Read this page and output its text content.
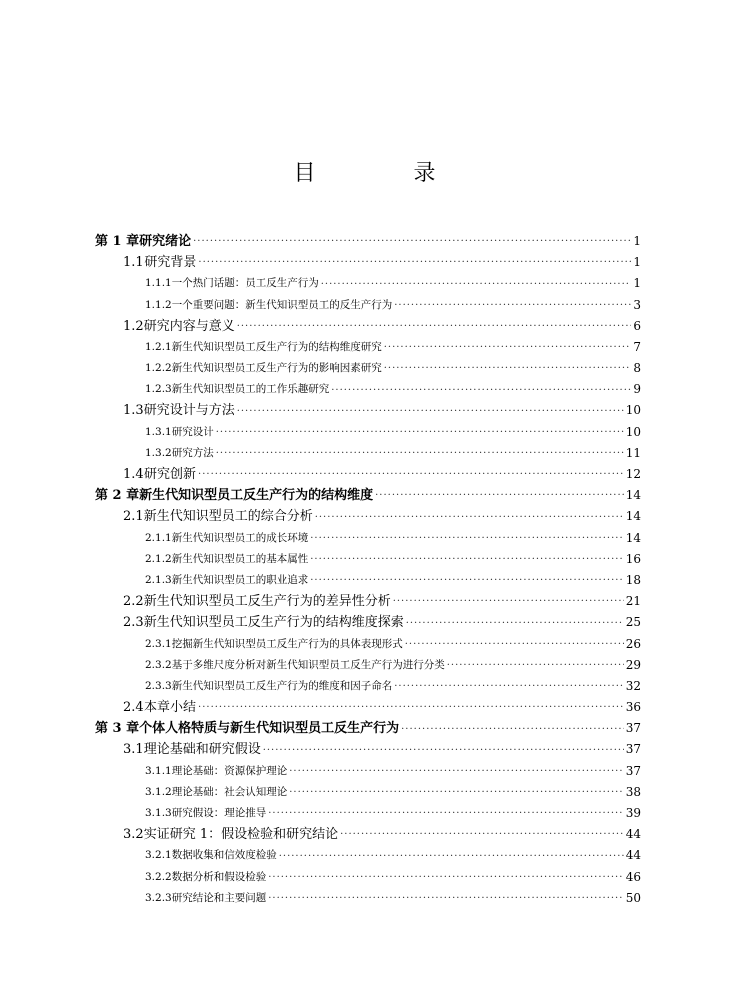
目　录
第 1 章 研究绪论 ·····	1
1.1 研究背景 ·····	1
1.1.1 一个热门话题：员工反生产行为 ·····	1
1.1.2 一个重要问题：新生代知识型员工的反生产行为 ·····	3
1.2 研究内容与意义 ·····	6
1.2.1 新生代知识型员工反生产行为的结构维度研究 ·····	7
1.2.2 新生代知识型员工反生产行为的影响因素研究 ·····	8
1.2.3 新生代知识型员工的工作乐趣研究 ·····	9
1.3 研究设计与方法 ·····	10
1.3.1 研究设计 ·····	10
1.3.2 研究方法 ·····	11
1.4 研究创新 ·····	12
第 2 章 新生代知识型员工反生产行为的结构维度 ·····	14
2.1 新生代知识型员工的综合分析 ·····	14
2.1.1 新生代知识型员工的成长环境 ·····	14
2.1.2 新生代知识型员工的基本属性 ·····	16
2.1.3 新生代知识型员工的职业追求 ·····	18
2.2 新生代知识型员工反生产行为的差异性分析 ·····	21
2.3 新生代知识型员工反生产行为的结构维度探索 ·····	25
2.3.1 挖掘新生代知识型员工反生产行为的具体表现形式 ·····	26
2.3.2 基于多维尺度分析对新生代知识型员工反生产行为进行分类 ·····	29
2.3.3 新生代知识型员工反生产行为的维度和因子命名 ·····	32
2.4 本章小结 ·····	36
第 3 章 个体人格特质与新生代知识型员工反生产行为 ·····	37
3.1 理论基础和研究假设 ·····	37
3.1.1 理论基础：资源保护理论 ·····	37
3.1.2 理论基础：社会认知理论 ·····	38
3.1.3 研究假设：理论推导 ·····	39
3.2 实证研究 1：假设检验和研究结论 ·····	44
3.2.1 数据收集和信效度检验 ·····	44
3.2.2 数据分析和假设检验 ·····	46
3.2.3 研究结论和主要问题 ·····	50
